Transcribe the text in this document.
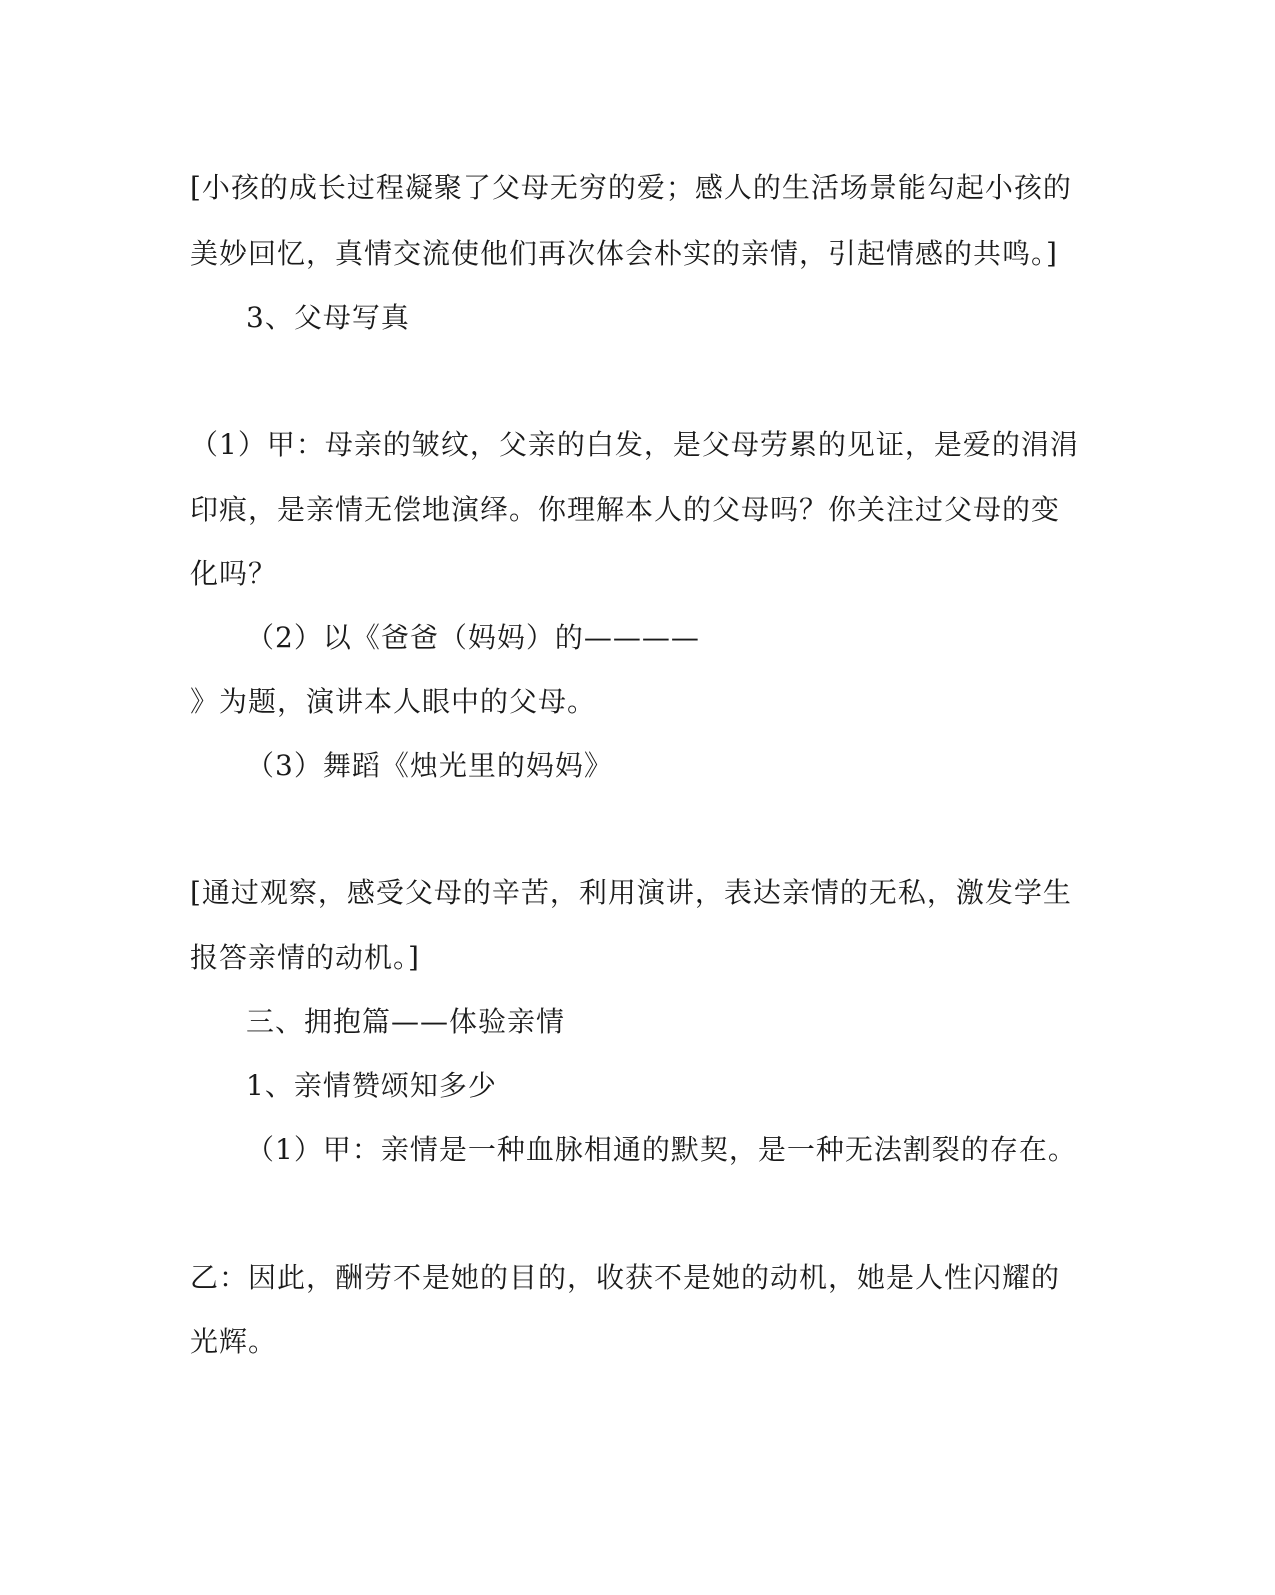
[小孩的成长过程凝聚了父母无穷的爱；感人的生活场景能勾起小孩的
美妙回忆，真情交流使他们再次体会朴实的亲情，引起情感的共鸣。]
3、父母写真
（1）甲：母亲的皱纹，父亲的白发，是父母劳累的见证，是爱的涓涓
印痕，是亲情无偿地演绎。你理解本人的父母吗？你关注过父母的变
化吗？
（2）以《爸爸（妈妈）的————
》为题，演讲本人眼中的父母。
（3）舞蹈《烛光里的妈妈》
[通过观察，感受父母的辛苦，利用演讲，表达亲情的无私，激发学生
报答亲情的动机。]
三、拥抱篇——体验亲情
1、亲情赞颂知多少
（1）甲：亲情是一种血脉相通的默契，是一种无法割裂的存在。
乙：因此，酬劳不是她的目的，收获不是她的动机，她是人性闪耀的
光辉。
